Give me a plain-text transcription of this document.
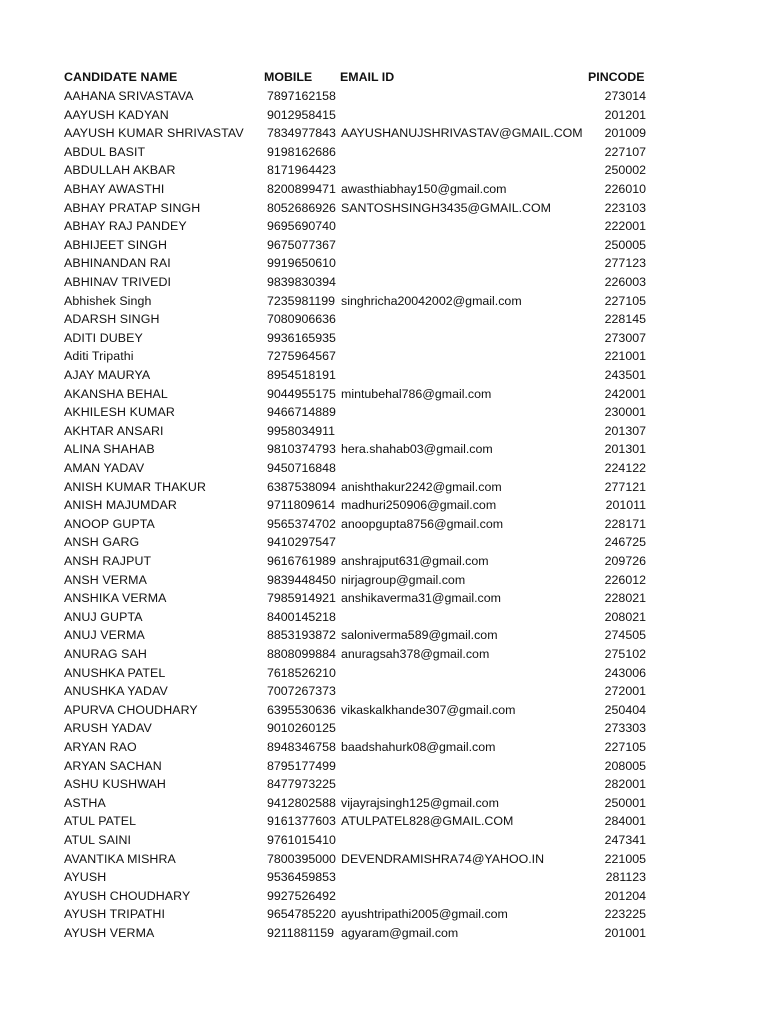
CANDIDATE NAME	MOBILE EMAIL ID	PINCODE
AAHANA SRIVASTAVA	7897162158	273014
AAYUSH KADYAN	9012958415	201201
AAYUSH KUMAR SHRIVASTAV 7834977843 AAYUSHANUJSHRIVASTAV@GMAIL.COM 201009
ABDUL BASIT	9198162686	227107
ABDULLAH AKBAR	8171964423	250002
ABHAY AWASTHI	8200899471 awasthiabhay150@gmail.com	226010
ABHAY PRATAP SINGH	8052686926 SANTOSHSINGH3435@GMAIL.COM	223103
ABHAY RAJ PANDEY	9695690740	222001
ABHIJEET SINGH	9675077367	250005
ABHINANDAN RAI	9919650610	277123
ABHINAV TRIVEDI	9839830394	226003
Abhishek Singh	7235981199 singhricha20042002@gmail.com	227105
ADARSH SINGH	7080906636	228145
ADITI DUBEY	9936165935	273007
Aditi Tripathi	7275964567	221001
AJAY MAURYA	8954518191	243501
AKANSHA BEHAL	9044955175 mintubehal786@gmail.com	242001
AKHILESH KUMAR	9466714889	230001
AKHTAR ANSARI	9958034911	201307
ALINA SHAHAB	9810374793 hera.shahab03@gmail.com	201301
AMAN YADAV	9450716848	224122
ANISH KUMAR THAKUR	6387538094 anishthakur2242@gmail.com	277121
ANISH MAJUMDAR	9711809614 madhuri250906@gmail.com	201011
ANOOP GUPTA	9565374702 anoopgupta8756@gmail.com	228171
ANSH GARG	9410297547	246725
ANSH RAJPUT	9616761989 anshrajput631@gmail.com	209726
ANSH VERMA	9839448450 nirjagroup@gmail.com	226012
ANSHIKA VERMA	7985914921 anshikaverma31@gmail.com	228021
ANUJ GUPTA	8400145218	208021
ANUJ VERMA	8853193872 saloniverma589@gmail.com	274505
ANURAG SAH	8808099884 anuragsah378@gmail.com	275102
ANUSHKA PATEL	7618526210	243006
ANUSHKA YADAV	7007267373	272001
APURVA CHOUDHARY	6395530636 vikaskalkhande307@gmail.com	250404
ARUSH YADAV	9010260125	273303
ARYAN RAO	8948346758 baadshahurk08@gmail.com	227105
ARYAN SACHAN	8795177499	208005
ASHU KUSHWAH	8477973225	282001
ASTHA	9412802588 vijayrajsingh125@gmail.com	250001
ATUL PATEL	9161377603 ATULPATEL828@GMAIL.COM	284001
ATUL SAINI	9761015410	247341
AVANTIKA MISHRA	7800395000 DEVENDRAMISHRA74@YAHOO.IN	221005
AYUSH	9536459853	281123
AYUSH CHOUDHARY	9927526492	201204
AYUSH TRIPATHI	9654785220 ayushtripathi2005@gmail.com	223225
AYUSH VERMA	9211881159 agyaram@gmail.com	201001
